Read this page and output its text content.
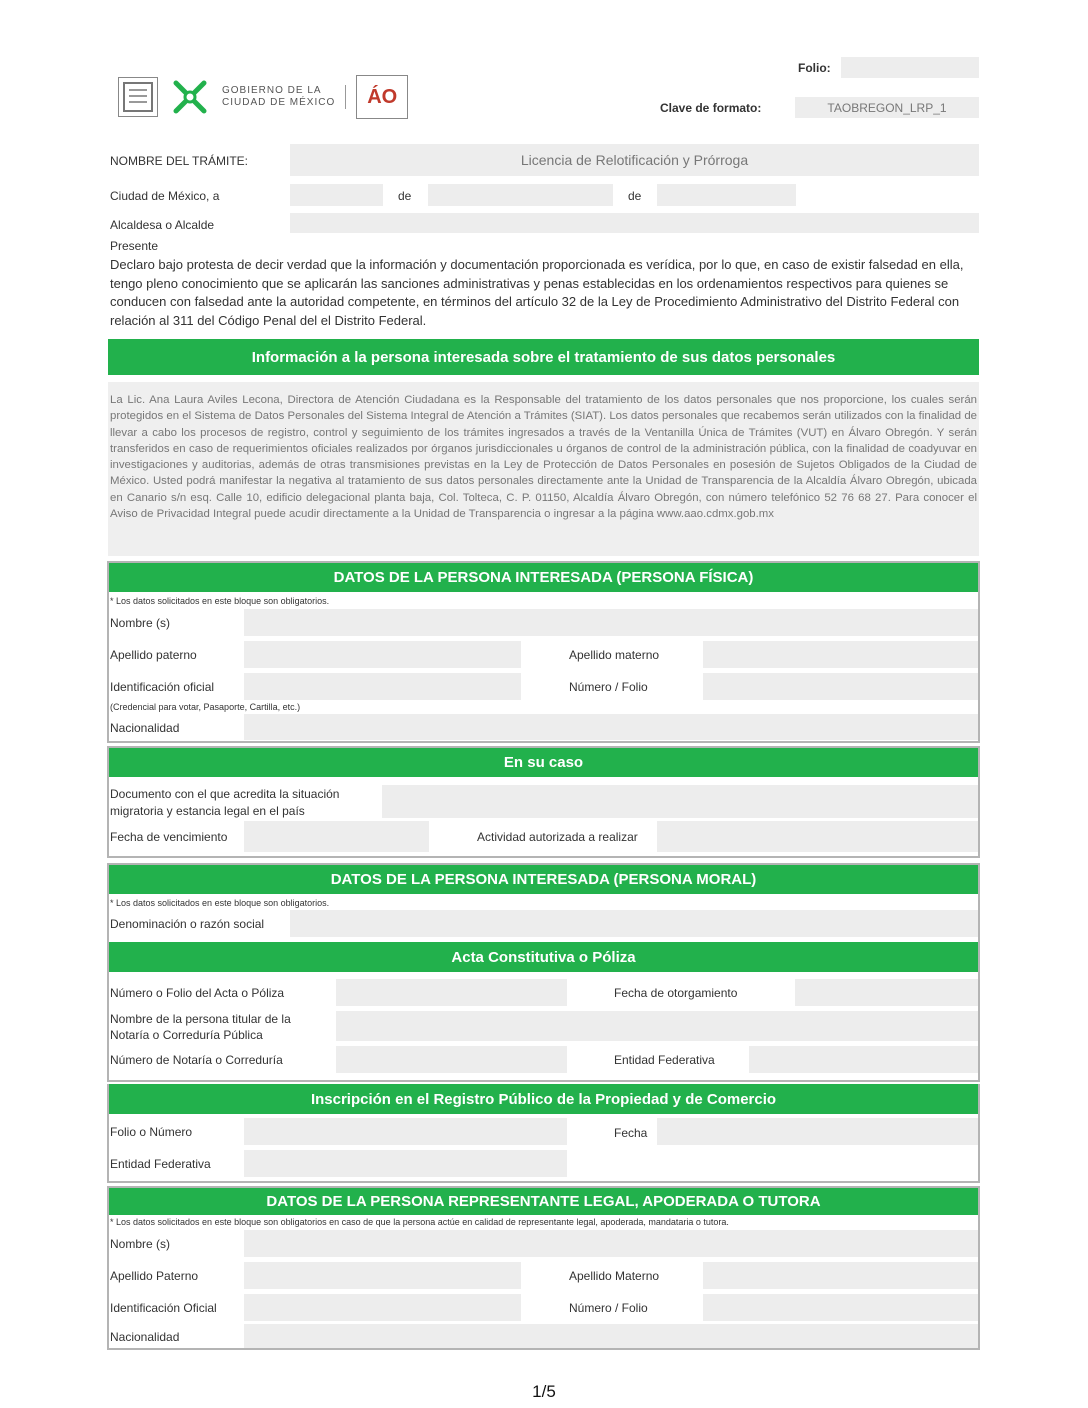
GOBIERNO DE LA
CIUDAD DE MÉXICO ÁO
Folio:
Clave de formato:	TAOBREGON_LRP_1
NOMBRE DEL TRÁMITE:	Licencia de Relotificación y Prórroga
Ciudad de México, a	de	de
Alcaldesa o Alcalde
Presente
Declaro bajo protesta de decir verdad que la información y documentación proporcionada es verídica, por lo que, en caso de existir falsedad en ella, tengo pleno conocimiento que se aplicarán las sanciones administrativas y penas establecidas en los ordenamientos respectivos para quienes se conducen con falsedad ante la autoridad competente, en términos del artículo 32 de la Ley de Procedimiento Administrativo del Distrito Federal con relación al 311 del Código Penal del el Distrito Federal.
Información a la persona interesada sobre el tratamiento de sus datos personales
La Lic. Ana Laura Aviles Lecona, Directora de Atención Ciudadana es la Responsable del tratamiento de los datos personales que nos proporcione, los cuales serán protegidos en el Sistema de Datos Personales del Sistema Integral de Atención a Trámites (SIAT). Los datos personales que recabemos serán utilizados con la finalidad de llevar a cabo los procesos de registro, control y seguimiento de los trámites ingresados a través de la Ventanilla Única de Trámites (VUT) en Álvaro Obregón. Y serán transferidos en caso de requerimientos oficiales realizados por órganos jurisdiccionales u órganos de control de la administración pública, con la finalidad de coadyuvar en investigaciones y auditorias, además de otras transmisiones previstas en la Ley de Protección de Datos Personales en posesión de Sujetos Obligados de la Ciudad de México. Usted podrá manifestar la negativa al tratamiento de sus datos personales directamente ante la Unidad de Transparencia de la Alcaldía Álvaro Obregón, ubicada en Canario s/n esq. Calle 10, edificio delegacional planta baja, Col. Tolteca, C. P. 01150, Alcaldía Álvaro Obregón, con número telefónico 52 76 68 27. Para conocer el Aviso de Privacidad Integral puede acudir directamente a la Unidad de Transparencia o ingresar a la página www.aao.cdmx.gob.mx
DATOS DE LA PERSONA INTERESADA (PERSONA FÍSICA)
* Los datos solicitados en este bloque son obligatorios.
Nombre (s)
Apellido paterno	Apellido materno
Identificación oficial	Número / Folio
(Credencial para votar, Pasaporte, Cartilla, etc.)
Nacionalidad
En su caso
Documento con el que acredita la situación
migratoria y estancia legal en el país
Fecha de vencimiento	Actividad autorizada a realizar
DATOS DE LA PERSONA INTERESADA (PERSONA MORAL)
* Los datos solicitados en este bloque son obligatorios.
Denominación o razón social
Acta Constitutiva o Póliza
Número o Folio del Acta o Póliza	Fecha de otorgamiento
Nombre de la persona titular de la
Notaría o Correduría Pública
Número de Notaría o Correduría	Entidad Federativa
Inscripción en el Registro Público de la Propiedad y de Comercio
Folio o Número	Fecha
Entidad Federativa
DATOS DE LA PERSONA REPRESENTANTE LEGAL, APODERADA O TUTORA
* Los datos solicitados en este bloque son obligatorios en caso de que la persona actúe en calidad de representante legal, apoderada, mandataria o tutora.
Nombre (s)
Apellido Paterno	Apellido Materno
Identificación Oficial	Número / Folio
Nacionalidad
1/5
